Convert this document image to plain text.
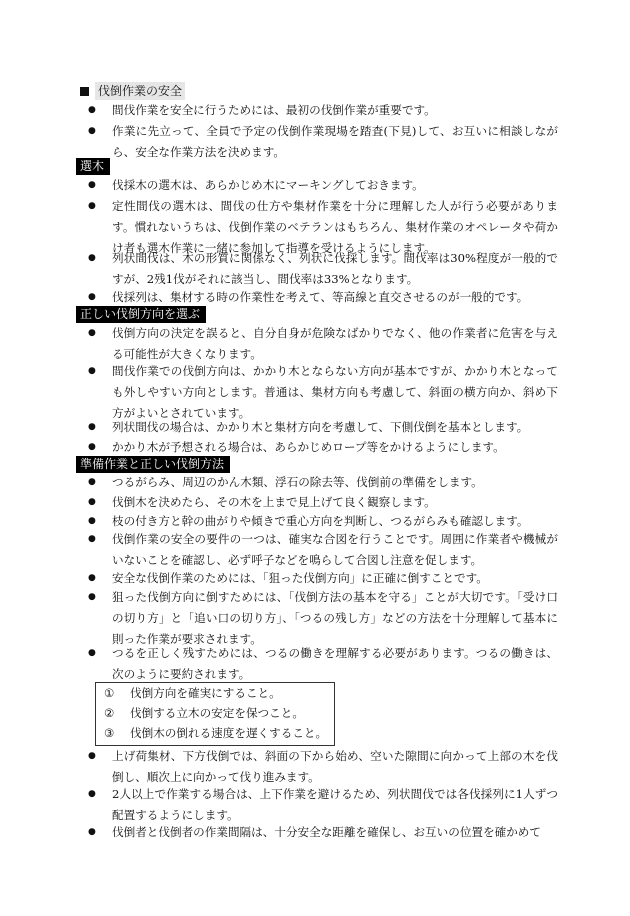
伐倒作業の安全
●	間伐作業を安全に行うためには、最初の伐倒作業が重要です。
●	作業に先立って、全員で予定の伐倒作業現場を踏査(下見)して、お互いに相談しながら、安全な作業方法を決めます。
選木
●	伐採木の選木は、あらかじめ木にマーキングしておきます。
●	定性間伐の選木は、間伐の仕方や集材作業を十分に理解した人が行う必要があります。慣れないうちは、伐倒作業のベテランはもちろん、集材作業のオペレータや荷かけ者も選木作業に一緒に参加して指導を受けるようにします。
●	列状間伐は、木の形質に関係なく、列状に伐採します。間伐率は30%程度が一般的ですが、2残1伐がそれに該当し、間伐率は33%となります。
●	伐採列は、集材する時の作業性を考えて、等高線と直交させるのが一般的です。
正しい伐倒方向を選ぶ
●	伐倒方向の決定を誤ると、自分自身が危険なばかりでなく、他の作業者に危害を与える可能性が大きくなります。
●	間伐作業での伐倒方向は、かかり木とならない方向が基本ですが、かかり木となっても外しやすい方向とします。普通は、集材方向も考慮して、斜面の横方向か、斜め下方がよいとされています。
●	列状間伐の場合は、かかり木と集材方向を考慮して、下側伐倒を基本とします。
●	かかり木が予想される場合は、あらかじめロープ等をかけるようにします。
準備作業と正しい伐倒方法
●	つるがらみ、周辺のかん木類、浮石の除去等、伐倒前の準備をします。
●	伐倒木を決めたら、その木を上まで見上げて良く観察します。
●	枝の付き方と幹の曲がりや傾きで重心方向を判断し、つるがらみも確認します。
●	伐倒作業の安全の要件の一つは、確実な合図を行うことです。周囲に作業者や機械がいないことを確認し、必ず呼子などを鳴らして合図し注意を促します。
●	安全な伐倒作業のためには、「狙った伐倒方向」に正確に倒すことです。
●	狙った伐倒方向に倒すためには、「伐倒方法の基本を守る」ことが大切です。「受け口の切り方」と「追い口の切り方」、「つるの残し方」などの方法を十分理解して基本に則った作業が要求されます。
●	つるを正しく残すためには、つるの働きを理解する必要があります。つるの働きは、次のように要約されます。
① 伐倒方向を確実にすること。
② 伐倒する立木の安定を保つこと。
③ 伐倒木の倒れる速度を遅くすること。
●	上げ荷集材、下方伐倒では、斜面の下から始め、空いた隙間に向かって上部の木を伐倒し、順次上に向かって伐り進みます。
●	2人以上で作業する場合は、上下作業を避けるため、列状間伐では各伐採列に1人ずつ配置するようにします。
●	伐倒者と伐倒者の作業間隔は、十分安全な距離を確保し、お互いの位置を確かめて
